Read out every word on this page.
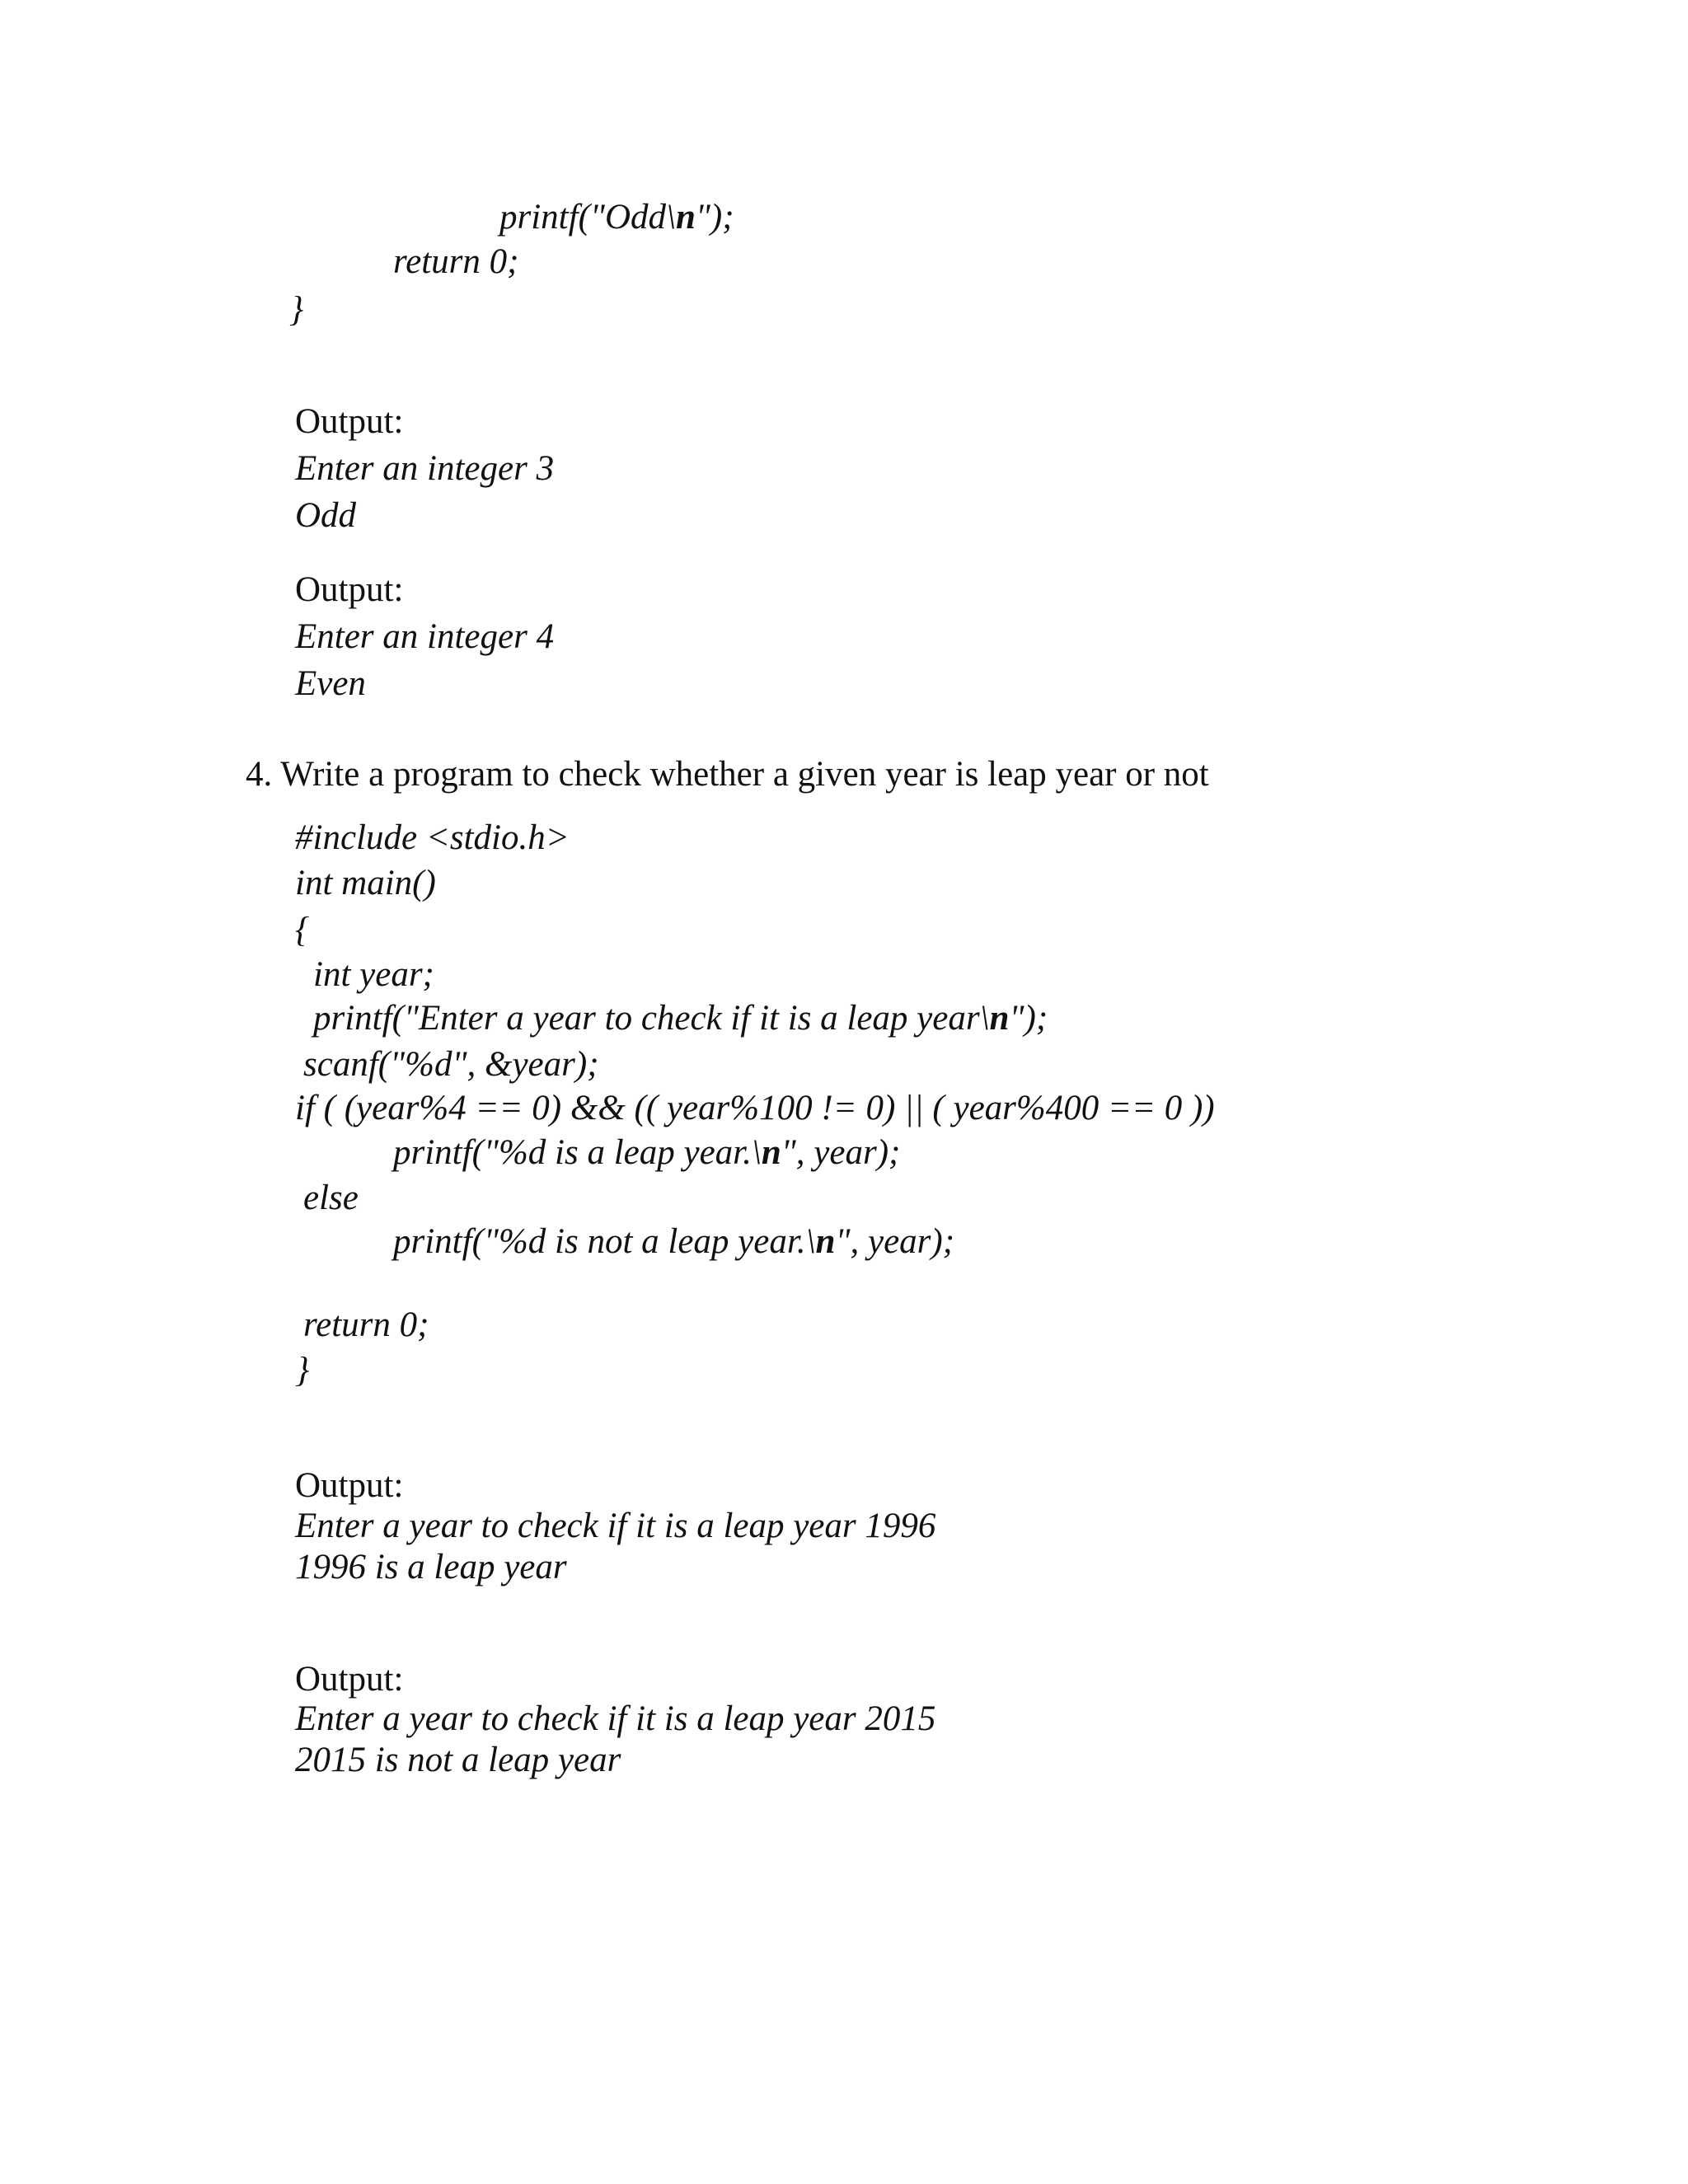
printf("Odd\n");
return 0;
}
Output:
Enter an integer 3
Odd
Output:
Enter an integer 4
Even
4. Write a program to check whether a given year is leap year or not
#include <stdio.h>
int main()
{
int year;
printf("Enter a year to check if it is a leap year\n");
scanf("%d", &year);
if ( (year%4 == 0) && (( year%100 != 0) || ( year%400 == 0 ))
printf("%d is a leap year.\n", year);
else
printf("%d is not a leap year.\n", year);
return 0;
}
Output:
Enter a year to check if it is a leap year 1996
1996 is a leap year
Output:
Enter a year to check if it is a leap year 2015
2015 is not a leap year
